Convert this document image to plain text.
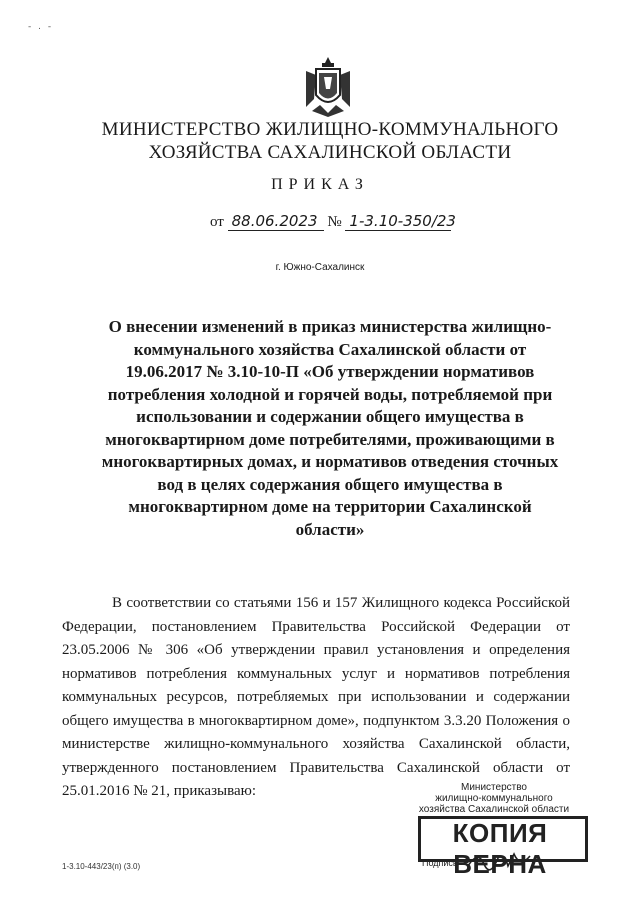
- . -
МИНИСТЕРСТВО ЖИЛИЩНО-КОММУНАЛЬНОГО
ХОЗЯЙСТВА САХАЛИНСКОЙ ОБЛАСТИ
ПРИКАЗ
от 88.06.2023 № 1-3.10-350/23
г. Южно-Сахалинск
О внесении изменений в приказ министерства жилищно-коммунального хозяйства Сахалинской области от 19.06.2017 № 3.10-10-П «Об утверждении нормативов потребления холодной и горячей воды, потребляемой при использовании и содержании общего имущества в многоквартирном доме потребителями, проживающими в многоквартирных домах, и нормативов отведения сточных вод в целях содержания общего имущества в многоквартирном доме на территории Сахалинской области»
В соответствии со статьями 156 и 157 Жилищного кодекса Российской Федерации, постановлением Правительства Российской Федерации от 23.05.2006 № 306 «Об утверждении правил установления и определения нормативов потребления коммунальных услуг и нормативов потребления коммунальных ресурсов, потребляемых при использовании и содержании общего имущества в многоквартирном доме», подпунктом 3.3.20 Положения о министерстве жилищно-коммунального хозяйства Сахалинской области, утвержденного постановлением Правительства Сахалинской области от 25.01.2016 № 21, приказываю:
1-3.10-443/23(п) (3.0)
Министерство
жилищно-коммунального
хозяйства Сахалинской области
КОПИЯ ВЕРНА
Подпись
